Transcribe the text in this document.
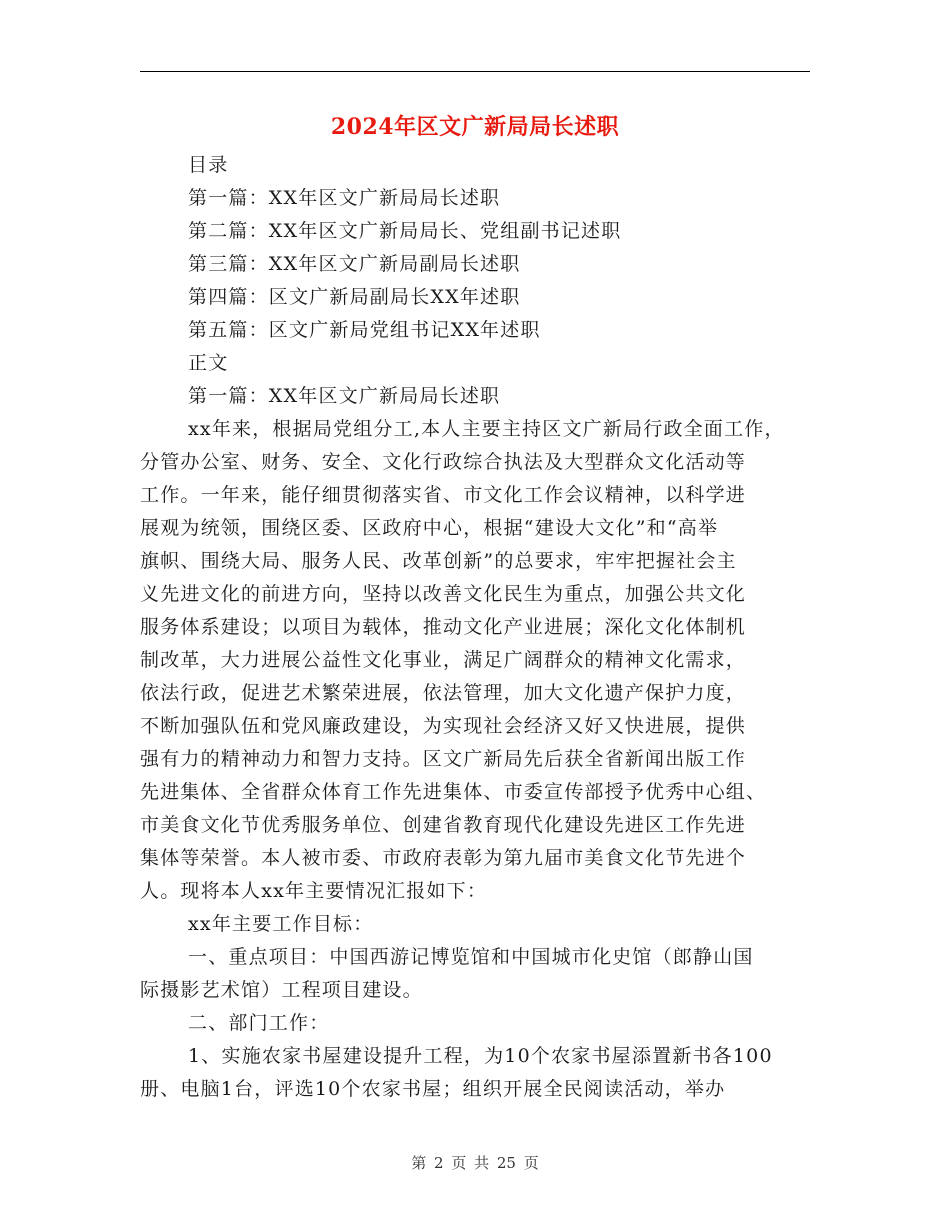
2024年区文广新局局长述职
目录
第一篇：XX年区文广新局局长述职
第二篇：XX年区文广新局局长、党组副书记述职
第三篇：XX年区文广新局副局长述职
第四篇：区文广新局副局长XX年述职
第五篇：区文广新局党组书记XX年述职
正文
第一篇：XX年区文广新局局长述职
xx年来，根据局党组分工,本人主要主持区文广新局行政全面工作，
分管办公室、财务、安全、文化行政综合执法及大型群众文化活动等
工作。一年来，能仔细贯彻落实省、市文化工作会议精神，以科学进
展观为统领，围绕区委、区政府中心，根据“建设大文化”和“高举
旗帜、围绕大局、服务人民、改革创新”的总要求，牢牢把握社会主
义先进文化的前进方向，坚持以改善文化民生为重点，加强公共文化
服务体系建设；以项目为载体，推动文化产业进展；深化文化体制机
制改革，大力进展公益性文化事业，满足广阔群众的精神文化需求，
依法行政，促进艺术繁荣进展，依法管理，加大文化遗产保护力度，
不断加强队伍和党风廉政建设，为实现社会经济又好又快进展，提供
强有力的精神动力和智力支持。区文广新局先后获全省新闻出版工作
先进集体、全省群众体育工作先进集体、市委宣传部授予优秀中心组、
市美食文化节优秀服务单位、创建省教育现代化建设先进区工作先进
集体等荣誉。本人被市委、市政府表彰为第九届市美食文化节先进个
人。现将本人xx年主要情况汇报如下：
xx年主要工作目标：
一、重点项目：中国西游记博览馆和中国城市化史馆（郎静山国
际摄影艺术馆）工程项目建设。
二、部门工作：
1、实施农家书屋建设提升工程，为10个农家书屋添置新书各100
册、电脑1台，评选10个农家书屋；组织开展全民阅读活动，举办
第 2 页 共 25 页
